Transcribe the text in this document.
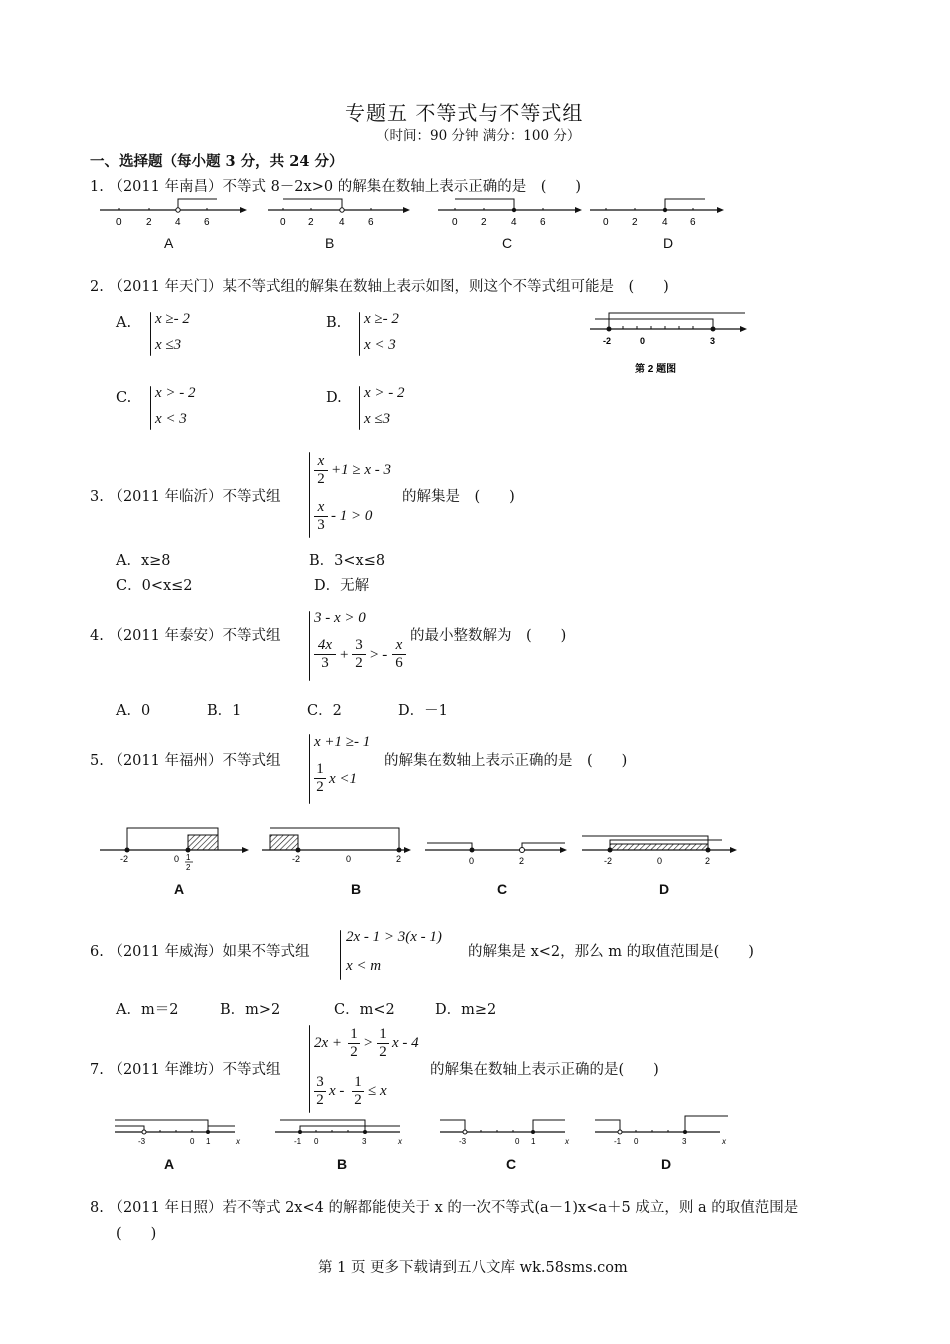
专题五 不等式与不等式组
（时间：90 分钟 满分：100 分）
一、选择题（每小题 3 分，共 24 分）
1. （2011 年南昌）不等式 8－2x>0 的解集在数轴上表示正确的是　(　　)
0 2 4 6	0 2	4 6	0 2 4 6	0 2 4 6
A	B	C	D
2. （2011 年天门）某不等式组的解集在数轴上表示如图，则这个不等式组可能是　(　　)
A. x ≥- 2
x ≤3
B. x ≥- 2
x < 3
C. x > - 2
x < 3
D. x > - 2
x ≤3
-2	0	3
第 2 题图
3. （2011 年临沂）不等式组
x
2
+1 ≥ x - 3
x
3
- 1 > 0
的解集是　(　　)
A．x≥8	B．3<x≤8
C．0<x≤2	D．无解
4. （2011 年泰安）不等式组
3 - x > 0
4x
3 +
3
2 > -
x
6
的最小整数解为　(　　)
A．0	B．1	C．2	D．－1
5. （2011 年福州）不等式组
x +1 ≥- 1
1
2 x <1
的解集在数轴上表示正确的是　(　　)
-2	0 1
2
-2	0	2	0	2	-2	0	2
A	B	C	D
6. （2011 年威海）如果不等式组
2x - 1 > 3(x - 1)
x < m
的解集是 x<2，那么 m 的取值范围是(　　)
A．m＝2	B．m>2	C．m<2	D．m≥2
7. （2011 年潍坊）不等式组
2x +
1
2
>
1
2
x - 4
3
2
x -
1
2
≤ x
的解集在数轴上表示正确的是(　　)
-3	0 1	x	-1 0	3	x	-3	0 1	x	-1 0	3	x
A	B	C	D
8. （2011 年日照）若不等式 2x<4 的解都能使关于 x 的一次不等式(a－1)x<a＋5 成立，则 a 的取值范围是
(　　)
第 1 页 更多下载请到五八文库 wk.58sms.com
